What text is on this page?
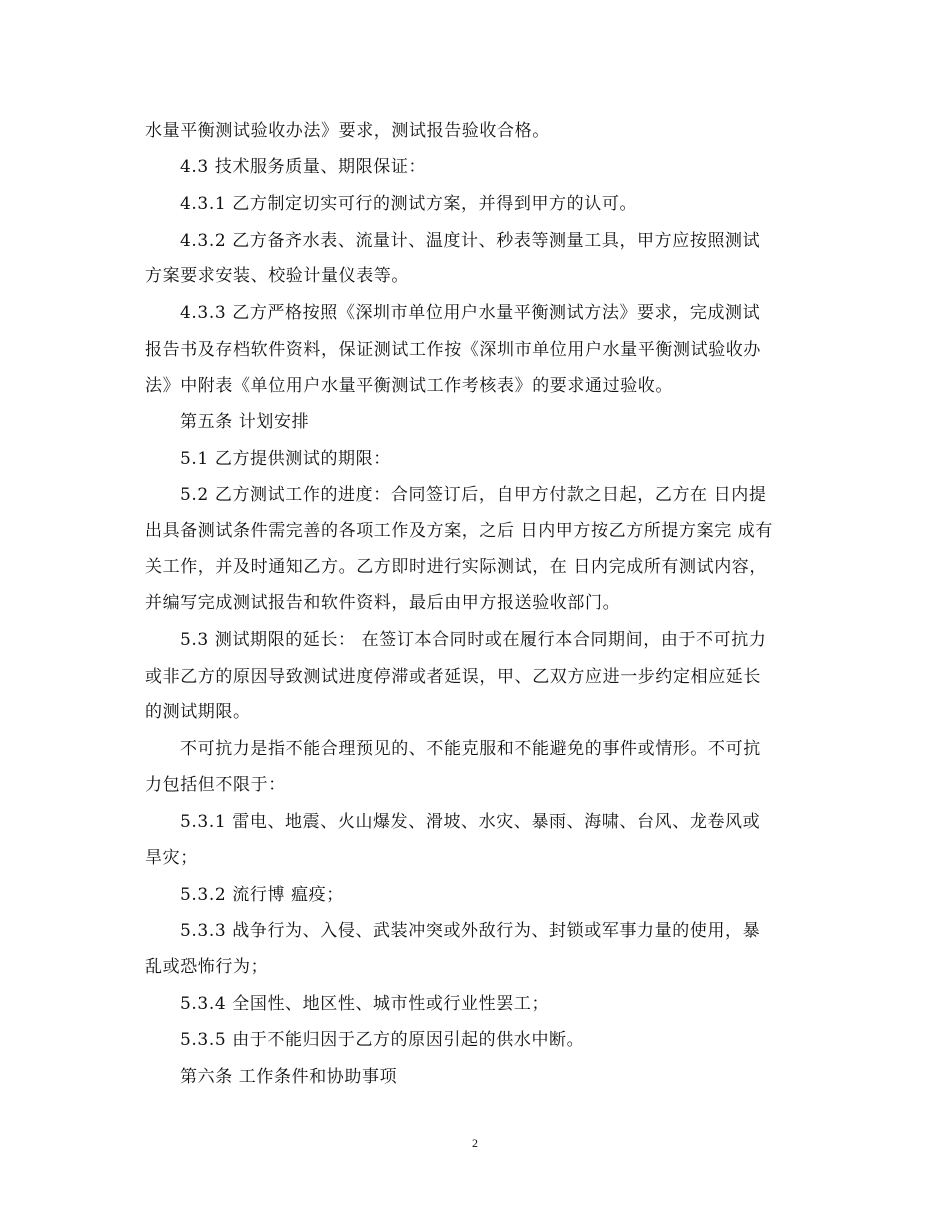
水量平衡测试验收办法》要求，测试报告验收合格。
4.3 技术服务质量、期限保证：
4.3.1 乙方制定切实可行的测试方案，并得到甲方的认可。
4.3.2 乙方备齐水表、流量计、温度计、秒表等测量工具，甲方应按照测试
方案要求安装、校验计量仪表等。
4.3.3 乙方严格按照《深圳市单位用户水量平衡测试方法》要求，完成测试
报告书及存档软件资料，保证测试工作按《深圳市单位用户水量平衡测试验收办
法》中附表《单位用户水量平衡测试工作考核表》的要求通过验收。
第五条 计划安排
5.1 乙方提供测试的期限：
5.2 乙方测试工作的进度：合同签订后，自甲方付款之日起，乙方在 日内提
出具备测试条件需完善的各项工作及方案，之后 日内甲方按乙方所提方案完 成有
关工作，并及时通知乙方。乙方即时进行实际测试，在 日内完成所有测试内容，
并编写完成测试报告和软件资料，最后由甲方报送验收部门。
5.3 测试期限的延长： 在签订本合同时或在履行本合同期间，由于不可抗力
或非乙方的原因导致测试进度停滞或者延误，甲、乙双方应进一步约定相应延长
的测试期限。
不可抗力是指不能合理预见的、不能克服和不能避免的事件或情形。不可抗
力包括但不限于：
5.3.1 雷电、地震、火山爆发、滑坡、水灾、暴雨、海啸、台风、龙卷风或
旱灾；
5.3.2 流行博 瘟疫；
5.3.3 战争行为、入侵、武装冲突或外敌行为、封锁或军事力量的使用，暴
乱或恐怖行为；
5.3.4 全国性、地区性、城市性或行业性罢工；
5.3.5 由于不能归因于乙方的原因引起的供水中断。
第六条 工作条件和协助事项
2
